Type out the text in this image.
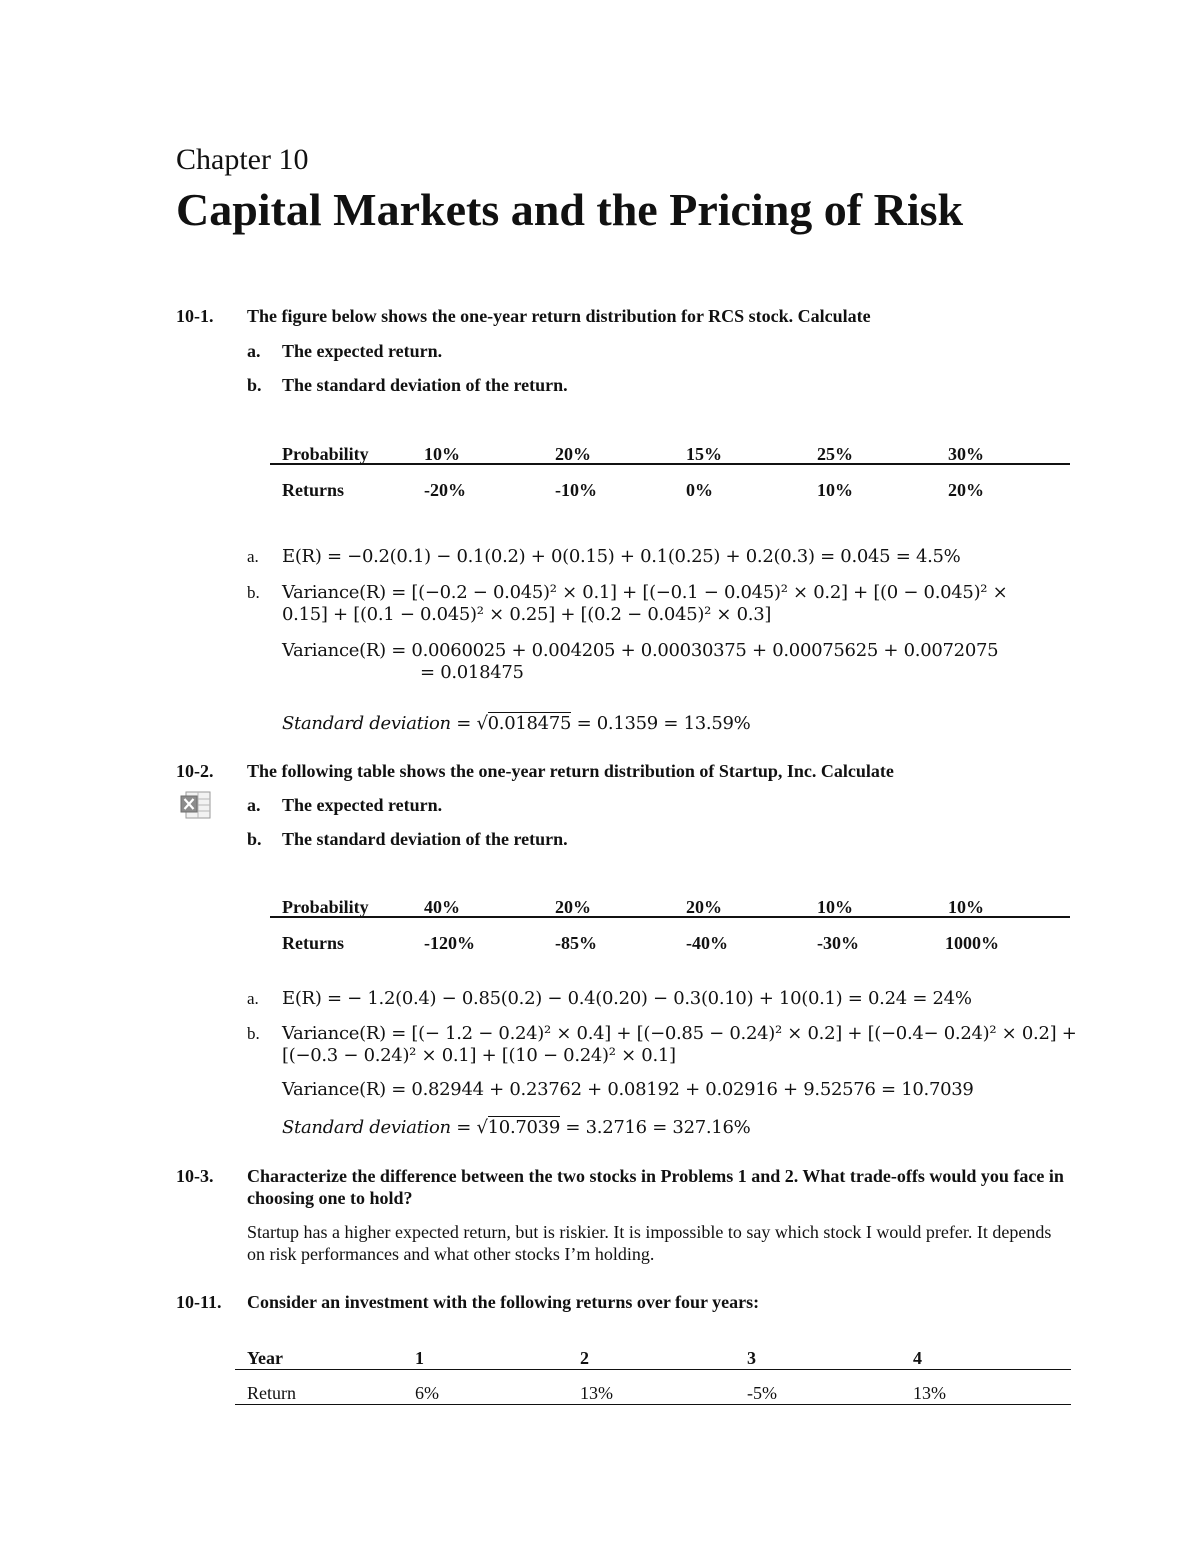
Chapter 10
Capital Markets and the Pricing of Risk
10-1. The figure below shows the one-year return distribution for RCS stock. Calculate
a. The expected return.
b. The standard deviation of the return.
Probability	10%	20%	15%	25%	30%
Returns	-20%	-10%	0%	10%	20%
a. E(R) = −0.2(0.1) − 0.1(0.2) + 0(0.15) + 0.1(0.25) + 0.2(0.3) = 0.045 = 4.5%
b. Variance(R) = [(−0.2 − 0.045)² × 0.1] + [(−0.1 − 0.045)² × 0.2] + [(0 − 0.045)² ×
0.15] + [(0.1 − 0.045)² × 0.25] + [(0.2 − 0.045)² × 0.3]
Variance(R) = 0.0060025 + 0.004205 + 0.00030375 + 0.00075625 + 0.0072075
= 0.018475
Standard deviation = √0.018475 = 0.1359 = 13.59%
10-2. The following table shows the one-year return distribution of Startup, Inc. Calculate
a. The expected return.
b. The standard deviation of the return.
Probability	40%	20%	20%	10%	10%
Returns	-120%	-85%	-40%	-30%	1000%
a. E(R) = − 1.2(0.4) − 0.85(0.2) − 0.4(0.20) − 0.3(0.10) + 10(0.1) = 0.24 = 24%
b. Variance(R) = [(− 1.2 − 0.24)² × 0.4] + [(−0.85 − 0.24)² × 0.2] + [(−0.4− 0.24)² × 0.2] +
[(−0.3 − 0.24)² × 0.1] + [(10 − 0.24)² × 0.1]
Variance(R) = 0.82944 + 0.23762 + 0.08192 + 0.02916 + 9.52576 = 10.7039
Standard deviation = √10.7039 = 3.2716 = 327.16%
10-3. Characterize the difference between the two stocks in Problems 1 and 2. What trade-offs would you face in choosing one to hold?
Startup has a higher expected return, but is riskier. It is impossible to say which stock I would prefer. It depends on risk performances and what other stocks I’m holding.
10-11. Consider an investment with the following returns over four years:
Year	1	2	3	4
Return	6%	13%	-5%	13%
